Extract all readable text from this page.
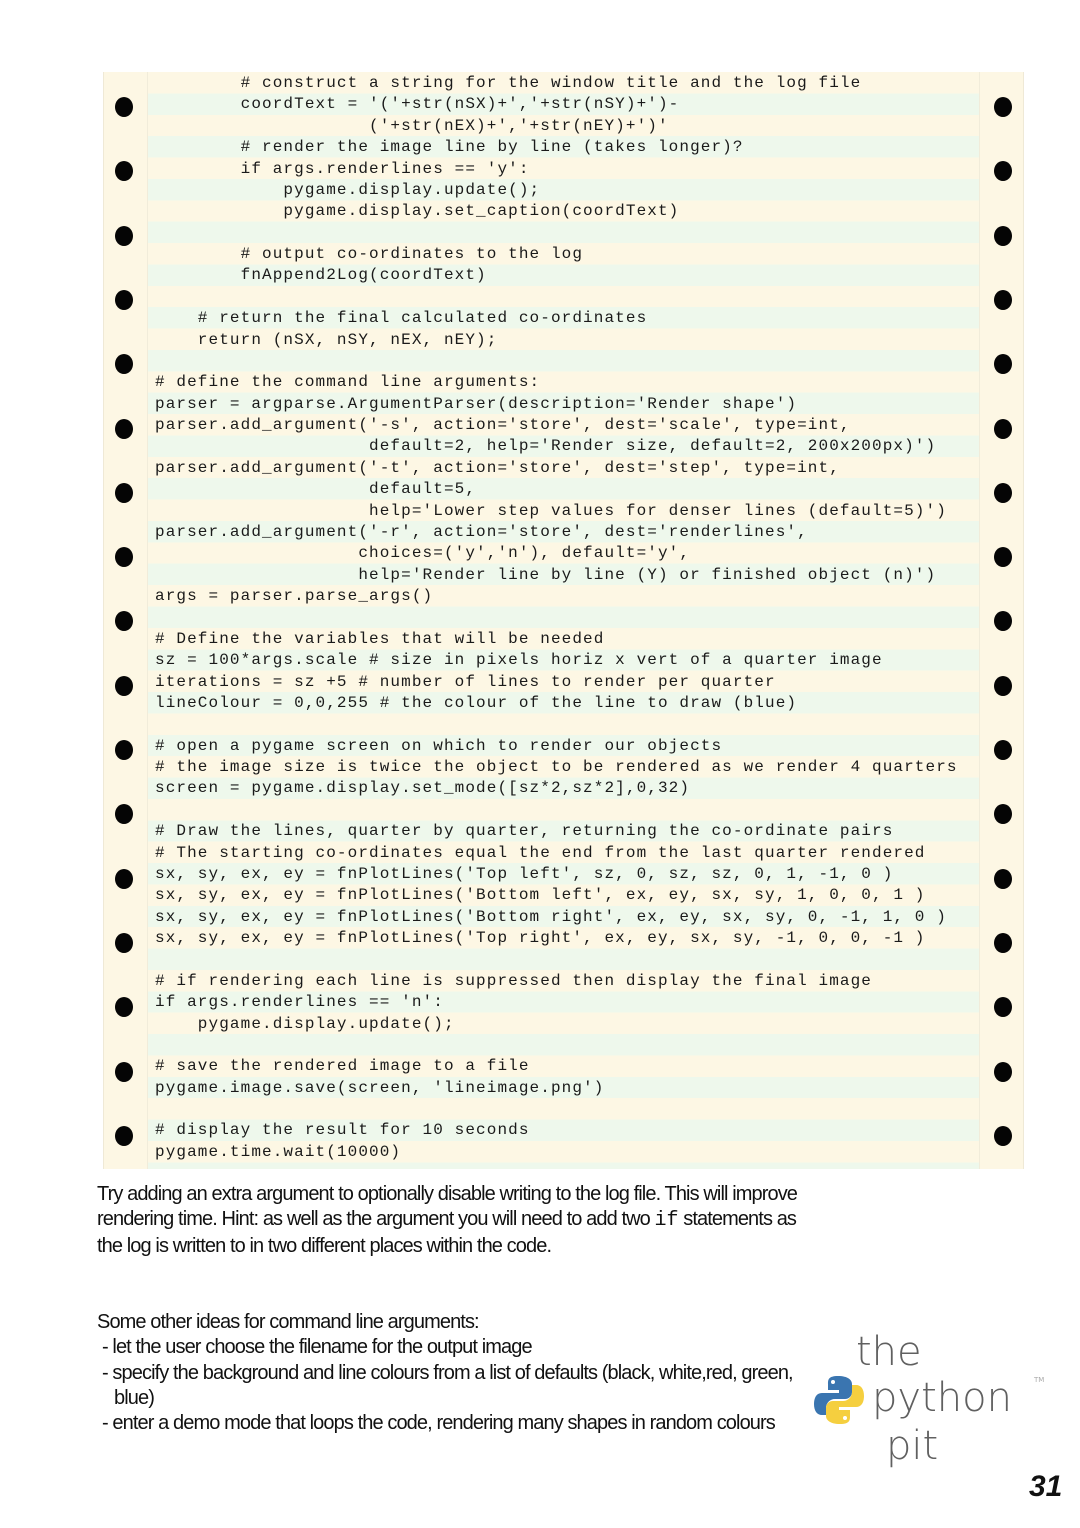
# construct a string for the window title and the log file
coordText = '('+str(nSX)+','+str(nSY)+')-
('+str(nEX)+','+str(nEY)+')'
# render the image line by line (takes longer)?
if args.renderlines == 'y':
pygame.display.update();
pygame.display.set_caption(coordText)
# output co-ordinates to the log
fnAppend2Log(coordText)
# return the final calculated co-ordinates
return (nSX, nSY, nEX, nEY);
# define the command line arguments:
parser = argparse.ArgumentParser(description='Render shape')
parser.add_argument('-s', action='store', dest='scale', type=int,
default=2, help='Render size, default=2, 200x200px)')
parser.add_argument('-t', action='store', dest='step', type=int,
default=5,
help='Lower step values for denser lines (default=5)')
parser.add_argument('-r', action='store', dest='renderlines',
choices=('y','n'), default='y',
help='Render line by line (Y) or finished object (n)')
args = parser.parse_args()
# Define the variables that will be needed
sz = 100*args.scale # size in pixels horiz x vert of a quarter image
iterations = sz +5 # number of lines to render per quarter
lineColour = 0,0,255 # the colour of the line to draw (blue)
# open a pygame screen on which to render our objects
# the image size is twice the object to be rendered as we render 4 quarters
screen = pygame.display.set_mode([sz*2,sz*2],0,32)
# Draw the lines, quarter by quarter, returning the co-ordinate pairs
# The starting co-ordinates equal the end from the last quarter rendered
sx, sy, ex, ey = fnPlotLines('Top left', sz, 0, sz, sz, 0, 1, -1, 0 )
sx, sy, ex, ey = fnPlotLines('Bottom left', ex, ey, sx, sy, 1, 0, 0, 1 )
sx, sy, ex, ey = fnPlotLines('Bottom right', ex, ey, sx, sy, 0, -1, 1, 0 )
sx, sy, ex, ey = fnPlotLines('Top right', ex, ey, sx, sy, -1, 0, 0, -1 )
# if rendering each line is suppressed then display the final image
if args.renderlines == 'n':
pygame.display.update();
# save the rendered image to a file
pygame.image.save(screen, 'lineimage.png')
# display the result for 10 seconds
pygame.time.wait(10000)

Try adding an extra argument to optionally disable writing to the log file. This will improve rendering time. Hint: as well as the argument you will need to add two if statements as the log is written to in two different places within the code.

Some other ideas for command line arguments:

- let the user choose the filename for the output image

- specify the background and line colours from a list of defaults (black, white,red, green, blue)

- enter a demo mode that loops the code, rendering many shapes in random colours

the
python	TM
pit
31
